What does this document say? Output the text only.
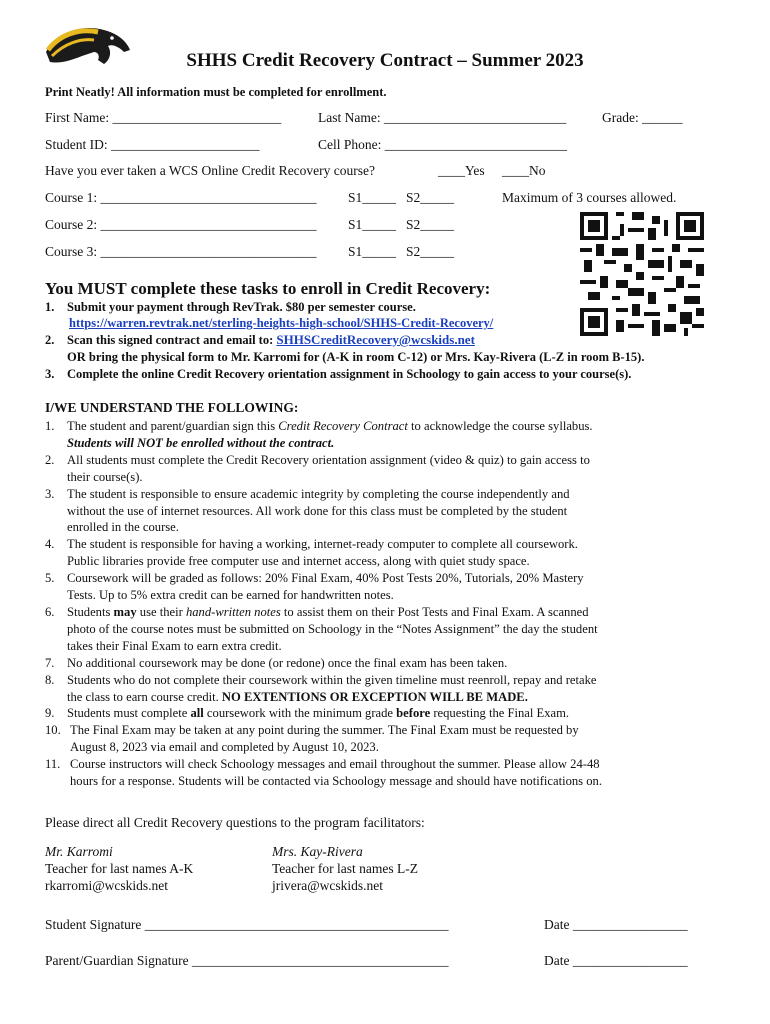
SHHS Credit Recovery Contract – Summer 2023
Print Neatly! All information must be completed for enrollment.
First Name: _________________________	Last Name: ___________________________	Grade: ______
Student ID: ______________________	Cell Phone: ___________________________
Have you ever taken a WCS Online Credit Recovery course?	____Yes ____No
Course 1: ________________________________ S1_____ S2_____	Maximum of 3 courses allowed.
Course 2: ________________________________ S1_____ S2_____
Course 3: ________________________________ S1_____ S2_____
You MUST complete these tasks to enroll in Credit Recovery:
1. Submit your payment through RevTrak. $80 per semester course.
https://warren.revtrak.net/sterling-heights-high-school/SHHS-Credit-Recovery/
2. Scan this signed contract and email to: SHHSCreditRecovery@wcskids.net
OR bring the physical form to Mr. Karromi for (A-K in room C-12) or Mrs. Kay-Rivera (L-Z in room B-15).
3. Complete the online Credit Recovery orientation assignment in Schoology to gain access to your course(s).
I/WE UNDERSTAND THE FOLLOWING:
1. The student and parent/guardian sign this Credit Recovery Contract to acknowledge the course syllabus.
Students will NOT be enrolled without the contract.
2. All students must complete the Credit Recovery orientation assignment (video & quiz) to gain access to
their course(s).
3. The student is responsible to ensure academic integrity by completing the course independently and
without the use of internet resources. All work done for this class must be completed by the student
enrolled in the course.
4. The student is responsible for having a working, internet-ready computer to complete all coursework.
Public libraries provide free computer use and internet access, along with quiet study space.
5. Coursework will be graded as follows: 20% Final Exam, 40% Post Tests 20%, Tutorials, 20% Mastery
Tests. Up to 5% extra credit can be earned for handwritten notes.
6. Students may use their hand-written notes to assist them on their Post Tests and Final Exam. A scanned
photo of the course notes must be submitted on Schoology in the “Notes Assignment” the day the student
takes their Final Exam to earn extra credit.
7. No additional coursework may be done (or redone) once the final exam has been taken.
8. Students who do not complete their coursework within the given timeline must reenroll, repay and retake
the class to earn course credit. NO EXTENTIONS OR EXCEPTION WILL BE MADE.
9. Students must complete all coursework with the minimum grade before requesting the Final Exam.
10. The Final Exam may be taken at any point during the summer. The Final Exam must be requested by
August 8, 2023 via email and completed by August 10, 2023.
11. Course instructors will check Schoology messages and email throughout the summer. Please allow 24-48
hours for a response. Students will be contacted via Schoology message and should have notifications on.
Please direct all Credit Recovery questions to the program facilitators:
Mr. Karromi
Teacher for last names A-K
rkarromi@wcskids.net
Mrs. Kay-Rivera
Teacher for last names L-Z
jrivera@wcskids.net
Student Signature _____________________________________________	Date _________________
Parent/Guardian Signature ______________________________________	Date _________________
